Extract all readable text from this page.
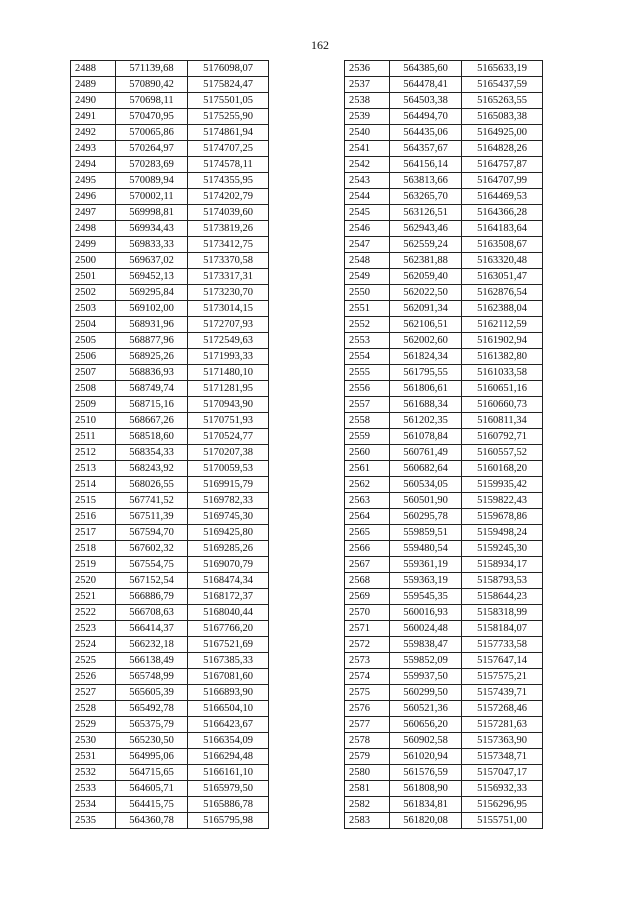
162
2488	571139,68	5176098,07
2489	570890,42	5175824,47
2490	570698,11	5175501,05
2491	570470,95	5175255,90
2492	570065,86	5174861,94
2493	570264,97	5174707,25
2494	570283,69	5174578,11
2495	570089,94	5174355,95
2496	570002,11	5174202,79
2497	569998,81	5174039,60
2498	569934,43	5173819,26
2499	569833,33	5173412,75
2500	569637,02	5173370,58
2501	569452,13	5173317,31
2502	569295,84	5173230,70
2503	569102,00	5173014,15
2504	568931,96	5172707,93
2505	568877,96	5172549,63
2506	568925,26	5171993,33
2507	568836,93	5171480,10
2508	568749,74	5171281,95
2509	568715,16	5170943,90
2510	568667,26	5170751,93
2511	568518,60	5170524,77
2512	568354,33	5170207,38
2513	568243,92	5170059,53
2514	568026,55	5169915,79
2515	567741,52	5169782,33
2516	567511,39	5169745,30
2517	567594,70	5169425,80
2518	567602,32	5169285,26
2519	567554,75	5169070,79
2520	567152,54	5168474,34
2521	566886,79	5168172,37
2522	566708,63	5168040,44
2523	566414,37	5167766,20
2524	566232,18	5167521,69
2525	566138,49	5167385,33
2526	565748,99	5167081,60
2527	565605,39	5166893,90
2528	565492,78	5166504,10
2529	565375,79	5166423,67
2530	565230,50	5166354,09
2531	564995,06	5166294,48
2532	564715,65	5166161,10
2533	564605,71	5165979,50
2534	564415,75	5165886,78
2535	564360,78	5165795,98
2536	564385,60	5165633,19
2537	564478,41	5165437,59
2538	564503,38	5165263,55
2539	564494,70	5165083,38
2540	564435,06	5164925,00
2541	564357,67	5164828,26
2542	564156,14	5164757,87
2543	563813,66	5164707,99
2544	563265,70	5164469,53
2545	563126,51	5164366,28
2546	562943,46	5164183,64
2547	562559,24	5163508,67
2548	562381,88	5163320,48
2549	562059,40	5163051,47
2550	562022,50	5162876,54
2551	562091,34	5162388,04
2552	562106,51	5162112,59
2553	562002,60	5161902,94
2554	561824,34	5161382,80
2555	561795,55	5161033,58
2556	561806,61	5160651,16
2557	561688,34	5160660,73
2558	561202,35	5160811,34
2559	561078,84	5160792,71
2560	560761,49	5160557,52
2561	560682,64	5160168,20
2562	560534,05	5159935,42
2563	560501,90	5159822,43
2564	560295,78	5159678,86
2565	559859,51	5159498,24
2566	559480,54	5159245,30
2567	559361,19	5158934,17
2568	559363,19	5158793,53
2569	559545,35	5158644,23
2570	560016,93	5158318,99
2571	560024,48	5158184,07
2572	559838,47	5157733,58
2573	559852,09	5157647,14
2574	559937,50	5157575,21
2575	560299,50	5157439,71
2576	560521,36	5157268,46
2577	560656,20	5157281,63
2578	560902,58	5157363,90
2579	561020,94	5157348,71
2580	561576,59	5157047,17
2581	561808,90	5156932,33
2582	561834,81	5156296,95
2583	561820,08	5155751,00
